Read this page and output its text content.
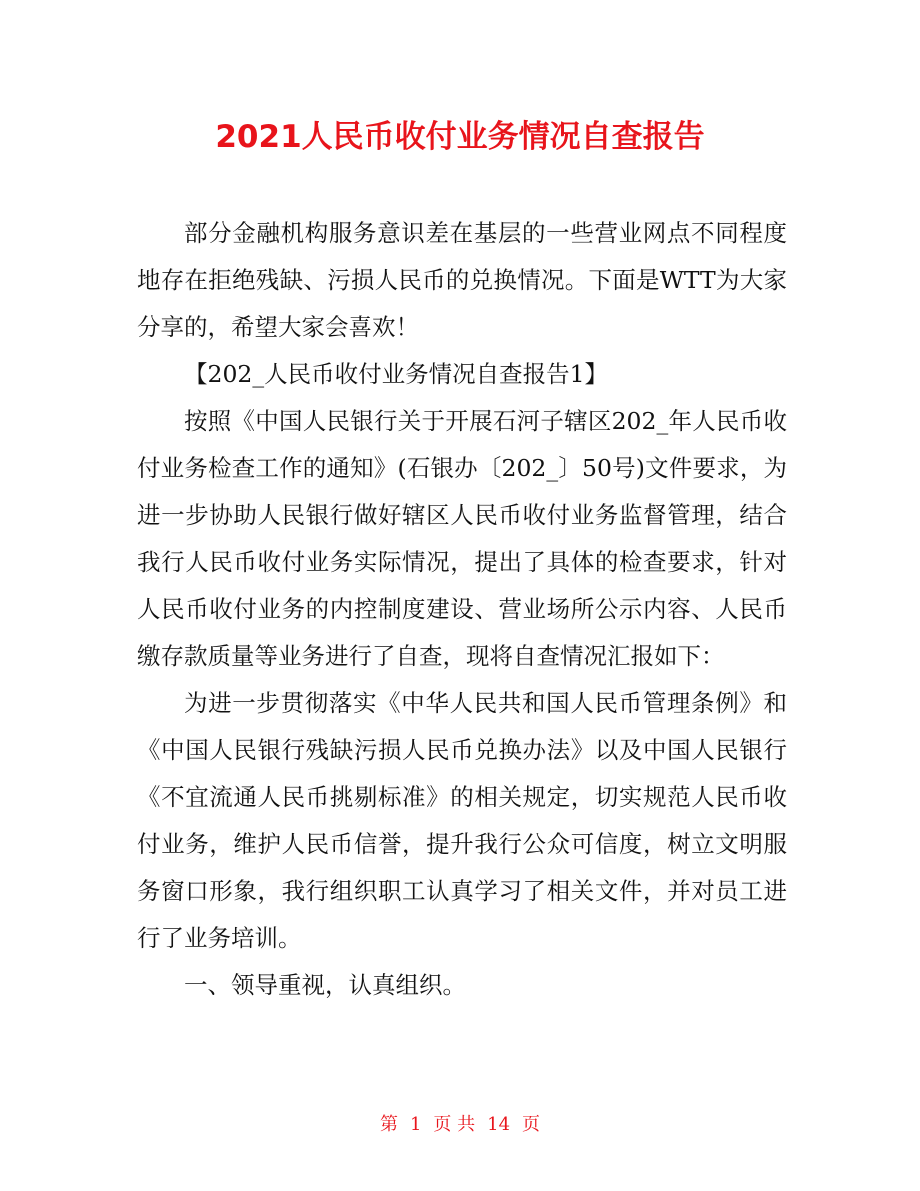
2021人民币收付业务情况自查报告

部分金融机构服务意识差在基层的一些营业网点不同程度地存在拒绝残缺、污损人民币的兑换情况。下面是WTT为大家分享的，希望大家会喜欢！

【202_人民币收付业务情况自查报告1】

按照《中国人民银行关于开展石河子辖区202_年人民币收付业务检查工作的通知》(石银办〔202_〕50号)文件要求，为进一步协助人民银行做好辖区人民币收付业务监督管理，结合我行人民币收付业务实际情况，提出了具体的检查要求，针对人民币收付业务的内控制度建设、营业场所公示内容、人民币缴存款质量等业务进行了自查，现将自查情况汇报如下：

为进一步贯彻落实《中华人民共和国人民币管理条例》和《中国人民银行残缺污损人民币兑换办法》以及中国人民银行《不宜流通人民币挑剔标准》的相关规定，切实规范人民币收付业务，维护人民币信誉，提升我行公众可信度，树立文明服务窗口形象，我行组织职工认真学习了相关文件，并对员工进行了业务培训。

一、领导重视，认真组织。

第 1 页 共 14 页
